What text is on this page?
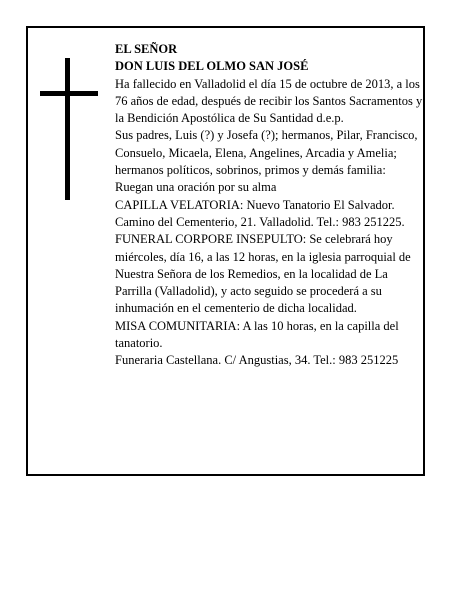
EL SEÑOR

DON LUIS DEL OLMO SAN JOSÉ

Ha fallecido en Valladolid el día 15 de octubre de 2013, a los 76 años de edad, después de recibir los Santos Sacramentos y la Bendición Apostólica de Su Santidad d.e.p.

Sus padres, Luis (?) y Josefa (?); hermanos, Pilar, Francisco, Consuelo, Micaela, Elena, Angelines, Arcadia y Amelia; hermanos políticos, sobrinos, primos y demás familia:

Ruegan una oración por su alma

CAPILLA VELATORIA: Nuevo Tanatorio El Salvador. Camino del Cementerio, 21. Valladolid. Tel.: 983 251225.

FUNERAL CORPORE INSEPULTO: Se celebrará hoy miércoles, día 16, a las 12 horas, en la iglesia parroquial de Nuestra Señora de los Remedios, en la localidad de La Parrilla (Valladolid), y acto seguido se procederá a su inhumación en el cementerio de dicha localidad.

MISA COMUNITARIA: A las 10 horas, en la capilla del tanatorio.

Funeraria Castellana. C/ Angustias, 34. Tel.: 983 251225
